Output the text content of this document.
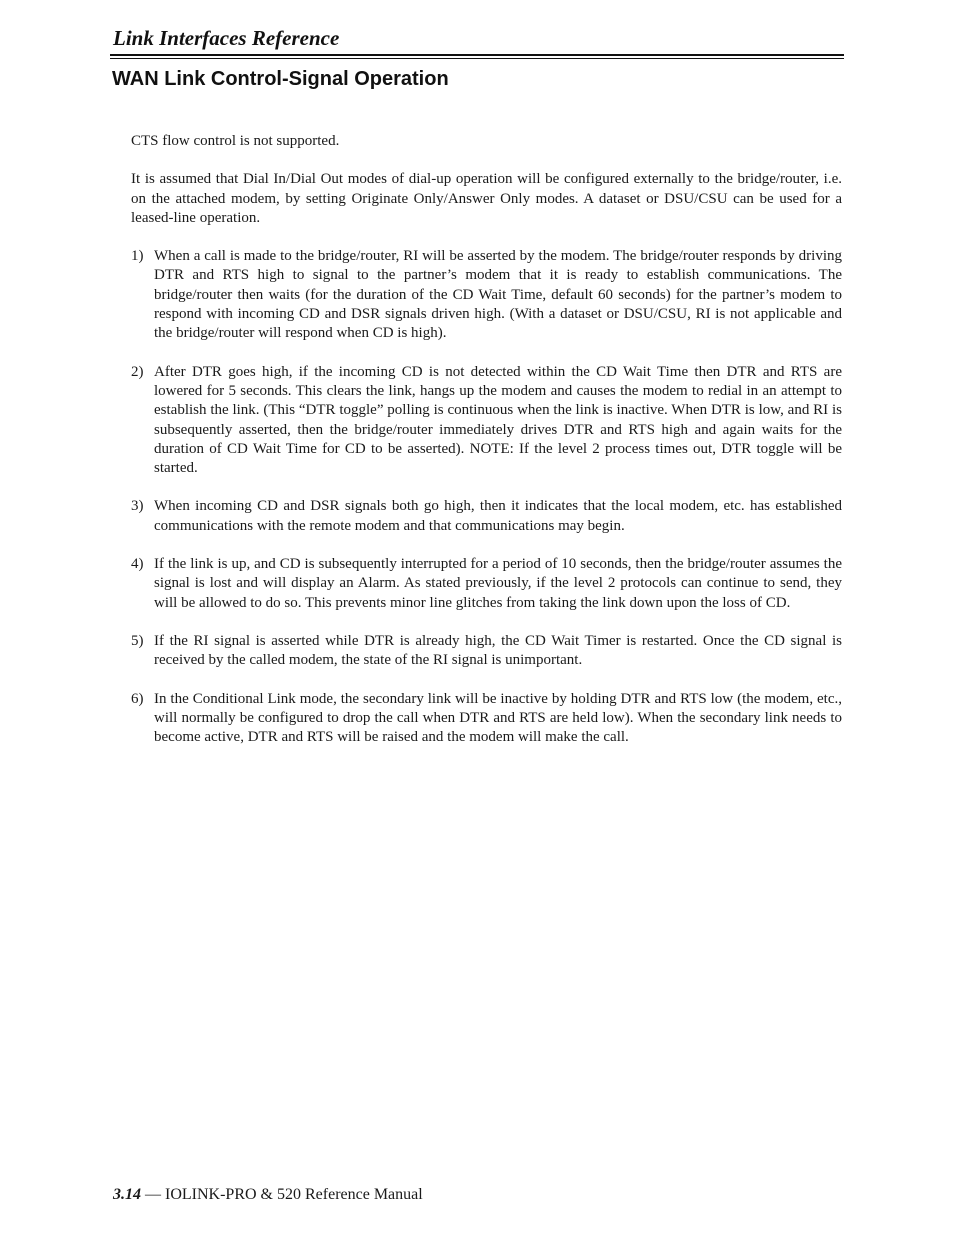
Link Interfaces Reference
WAN Link Control-Signal Operation

CTS flow control is not supported.

It is assumed that Dial In/Dial Out modes of dial-up operation will be configured externally to the bridge/router, i.e. on the attached modem, by setting Originate Only/Answer Only modes. A dataset or DSU/CSU can be used for a leased-line operation.

1) When a call is made to the bridge/router, RI will be asserted by the modem. The bridge/router responds by driving DTR and RTS high to signal to the partner’s modem that it is ready to establish communications. The bridge/router then waits (for the duration of the CD Wait Time, default 60 seconds) for the partner’s modem to respond with incoming CD and DSR signals driven high. (With a dataset or DSU/CSU, RI is not applicable and the bridge/router will respond when CD is high).
2) After DTR goes high, if the incoming CD is not detected within the CD Wait Time then DTR and RTS are lowered for 5 seconds. This clears the link, hangs up the modem and causes the modem to redial in an attempt to establish the link. (This “DTR toggle” polling is continuous when the link is inactive. When DTR is low, and RI is subsequently asserted, then the bridge/router immediately drives DTR and RTS high and again waits for the duration of CD Wait Time for CD to be asserted). NOTE: If the level 2 process times out, DTR toggle will be started.
3) When incoming CD and DSR signals both go high, then it indicates that the local modem, etc. has established communications with the remote modem and that communications may begin.
4) If the link is up, and CD is subsequently interrupted for a period of 10 seconds, then the bridge/router assumes the signal is lost and will display an Alarm. As stated previously, if the level 2 protocols can continue to send, they will be allowed to do so. This prevents minor line glitches from taking the link down upon the loss of CD.
5) If the RI signal is asserted while DTR is already high, the CD Wait Timer is restarted. Once the CD signal is received by the called modem, the state of the RI signal is unimportant.
6) In the Conditional Link mode, the secondary link will be inactive by holding DTR and RTS low (the modem, etc., will normally be configured to drop the call when DTR and RTS are held low). When the secondary link needs to become active, DTR and RTS will be raised and the modem will make the call.
3.14 — IOLINK-PRO & 520 Reference Manual
